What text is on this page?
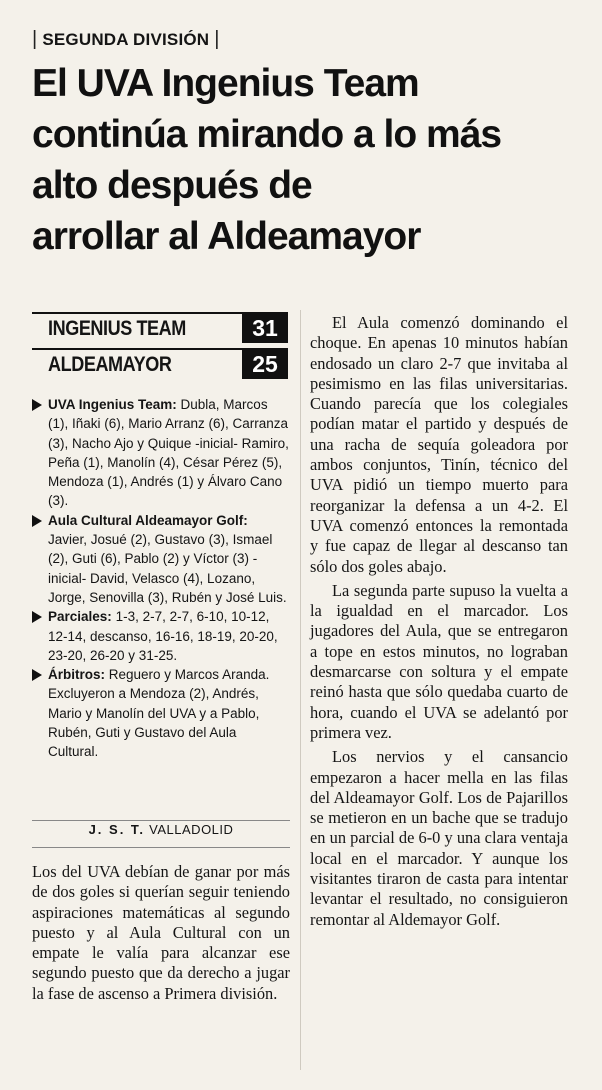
| SEGUNDA DIVISIÓN |
El UVA Ingenius Team
continúa mirando a lo más
alto después de
arrollar al Aldeamayor
INGENIUS TEAM	31
ALDEAMAYOR	25
UVA Ingenius Team: Dubla, Marcos (1), Iñaki (6), Mario Arranz (6), Carranza (3), Nacho Ajo y Quique -inicial- Ramiro, Peña (1), Manolín (4), César Pérez (5), Mendoza (1), Andrés (1) y Álvaro Cano (3).
Aula Cultural Aldeamayor Golf: Javier, Josué (2), Gustavo (3), Ismael (2), Guti (6), Pablo (2) y Víctor (3) -inicial- David, Velasco (4), Lozano, Jorge, Senovilla (3), Rubén y José Luis.
Parciales: 1-3, 2-7, 2-7, 6-10, 10-12, 12-14, descanso, 16-16, 18-19, 20-20, 23-20, 26-20 y 31-25.
Árbitros: Reguero y Marcos Aranda. Excluyeron a Mendoza (2), Andrés, Mario y Manolín del UVA y a Pablo, Rubén, Guti y Gustavo del Aula Cultural.
J. S. T. VALLADOLID

Los del UVA debían de ganar por más de dos goles si querían seguir teniendo aspiraciones matemáticas al segundo puesto y al Aula Cultural con un empate le valía para alcanzar ese segundo puesto que da derecho a jugar la fase de ascenso a Primera división.

El Aula comenzó dominando el choque. En apenas 10 minutos habían endosado un claro 2-7 que invitaba al pesimismo en las filas universitarias. Cuando parecía que los colegiales podían matar el partido y después de una racha de sequía goleadora por ambos conjuntos, Tinín, técnico del UVA pidió un tiempo muerto para reorganizar la defensa a un 4-2. El UVA comenzó entonces la remontada y fue capaz de llegar al descanso tan sólo dos goles abajo.

La segunda parte supuso la vuelta a la igualdad en el marcador. Los jugadores del Aula, que se entregaron a tope en estos minutos, no lograban desmarcarse con soltura y el empate reinó hasta que sólo quedaba cuarto de hora, cuando el UVA se adelantó por primera vez.

Los nervios y el cansancio empezaron a hacer mella en las filas del Aldeamayor Golf. Los de Pajarillos se metieron en un bache que se tradujo en un parcial de 6-0 y una clara ventaja local en el marcador. Y aunque los visitantes tiraron de casta para intentar levantar el resultado, no consiguieron remontar al Aldemayor Golf.
